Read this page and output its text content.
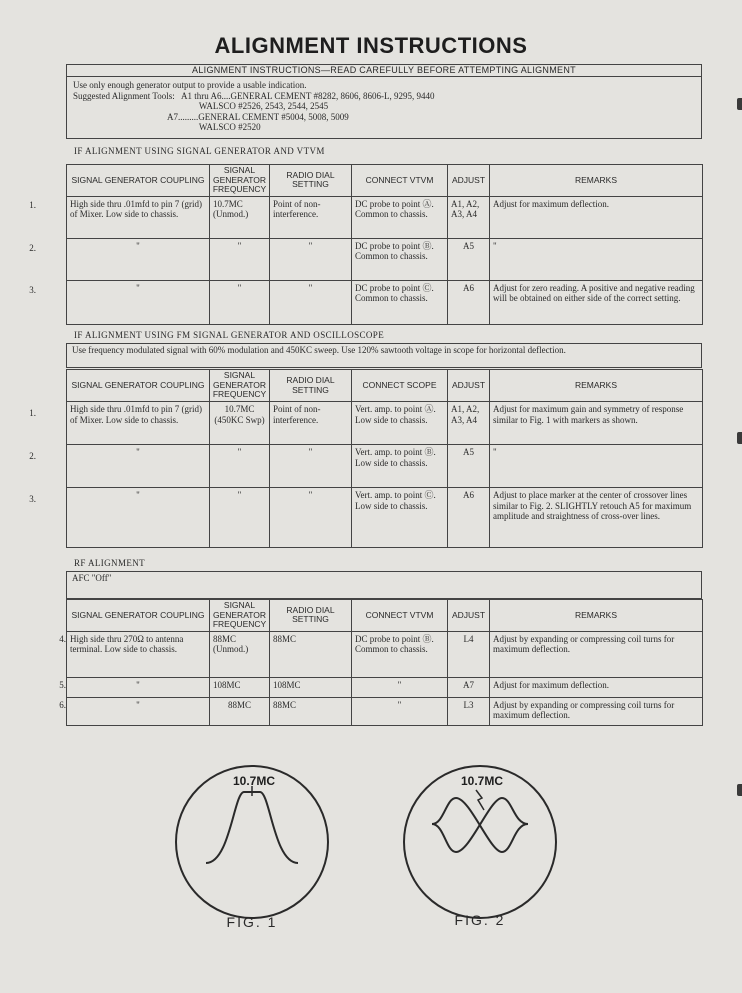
ALIGNMENT INSTRUCTIONS
ALIGNMENT INSTRUCTIONS—READ CAREFULLY BEFORE ATTEMPTING ALIGNMENT
Use only enough generator output to provide a usable indication.
Suggested Alignment Tools:   A1 thru A6....GENERAL CEMENT #8282, 8606, 8606-L, 9295, 9440
WALSCO #2526, 2543, 2544, 2545
A7.........GENERAL CEMENT #5004, 5008, 5009
WALSCO #2520
IF ALIGNMENT USING SIGNAL GENERATOR AND VTVM
SIGNAL GENERATOR COUPLING	SIGNAL GENERATOR FREQUENCY	RADIO DIAL SETTING	CONNECT VTVM	ADJUST	REMARKS
High side thru .01mfd to pin 7 (grid) of Mixer. Low side to chassis.	10.7MC (Unmod.)	Point of non-interference.	DC probe to point Ⓐ. Common to chassis.	A1, A2, A3, A4	Adjust for maximum deflection.
"	"	"	DC probe to point Ⓑ. Common to chassis.	A5	"
"	"	"	DC probe to point Ⓒ. Common to chassis.	A6	Adjust for zero reading. A positive and negative reading will be obtained on either side of the correct setting.
1.
2.
3.
IF ALIGNMENT USING FM SIGNAL GENERATOR AND OSCILLOSCOPE
Use frequency modulated signal with 60% modulation and 450KC sweep. Use 120% sawtooth voltage in scope for horizontal deflection.
SIGNAL GENERATOR COUPLING	SIGNAL GENERATOR FREQUENCY	RADIO DIAL SETTING	CONNECT SCOPE	ADJUST	REMARKS
High side thru .01mfd to pin 7 (grid) of Mixer. Low side to chassis.	10.7MC (450KC Swp)	Point of non-interference.	Vert. amp. to point Ⓐ. Low side to chassis.	A1, A2, A3, A4	Adjust for maximum gain and symmetry of response similar to Fig. 1 with markers as shown.
"	"	"	Vert. amp. to point Ⓑ. Low side to chassis.	A5	"
"	"	"	Vert. amp. to point Ⓒ. Low side to chassis.	A6	Adjust to place marker at the center of crossover lines similar to Fig. 2. SLIGHTLY retouch A5 for maximum amplitude and straightness of cross-over lines.
1.
2.
3.
RF ALIGNMENT
AFC "Off"
SIGNAL GENERATOR COUPLING	SIGNAL GENERATOR FREQUENCY	RADIO DIAL SETTING	CONNECT VTVM	ADJUST	REMARKS
High side thru 270Ω to antenna terminal. Low side to chassis.	88MC (Unmod.)	88MC	DC probe to point Ⓑ. Common to chassis.	L4	Adjust by expanding or compressing coil turns for maximum deflection.
"	108MC	108MC	"	A7	Adjust for maximum deflection.
"	88MC	88MC	"	L3	Adjust by expanding or compressing coil turns for maximum deflection.
4.
5.
6.
10.7MC
FIG. 1
10.7MC
FIG. 2
